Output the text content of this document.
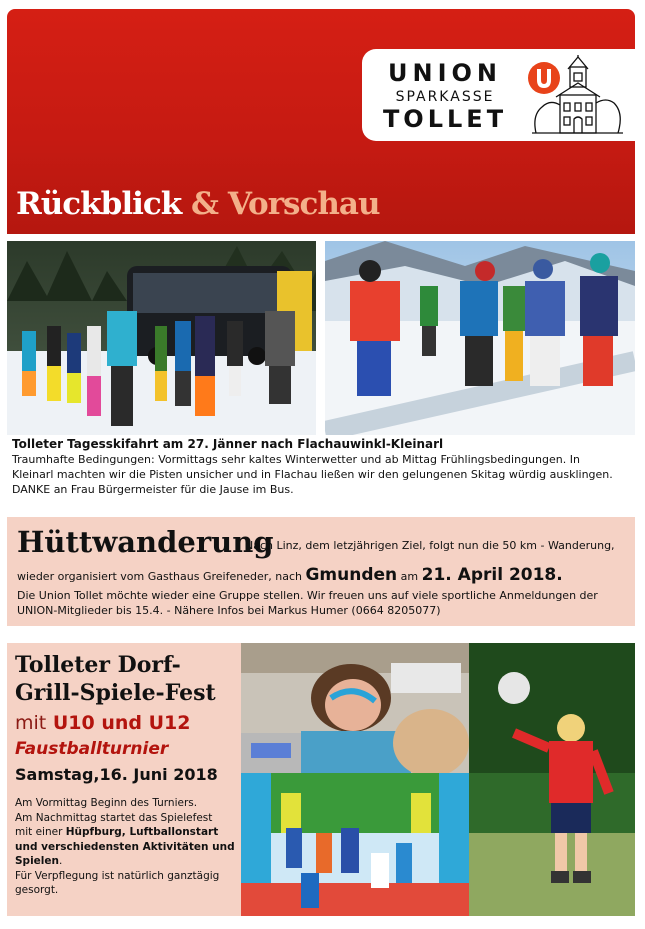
UNION
SPARKASSE
TOLLET
Rückblick & Vorschau
Tolleter Tagesskifahrt am 27. Jänner nach Flachauwinkl-Kleinarl
Traumhafte Bedingungen: Vormittags sehr kaltes Winterwetter und ab Mittag Frühlingsbedingungen. In
Kleinarl machten wir die Pisten unsicher und in Flachau ließen wir den gelungenen Skitag würdig ausklingen.
DANKE an Frau Bürgermeister für die Jause im Bus.
Hüttwanderung
Nach Linz, dem letzjährigen Ziel, folgt nun die 50 km - Wanderung,
wieder organisiert vom Gasthaus Greifeneder, nach Gmunden am 21. April 2018.
Die Union Tollet möchte wieder eine Gruppe stellen. Wir freuen uns auf viele sportliche Anmeldungen der
UNION-Mitglieder bis 15.4. - Nähere Infos bei Markus Humer (0664 8205077)
Tolleter Dorf-
Grill-Spiele-Fest
mit U10 und U12
Faustballturnier
Samstag,16. Juni 2018
Am Vormittag Beginn des Turniers.
Am Nachmittag startet das Spielefest
mit einer Hüpfburg, Luftballonstart
und verschiedensten Aktivitäten und
Spielen.
Für Verpflegung ist natürlich ganztägig
gesorgt.
